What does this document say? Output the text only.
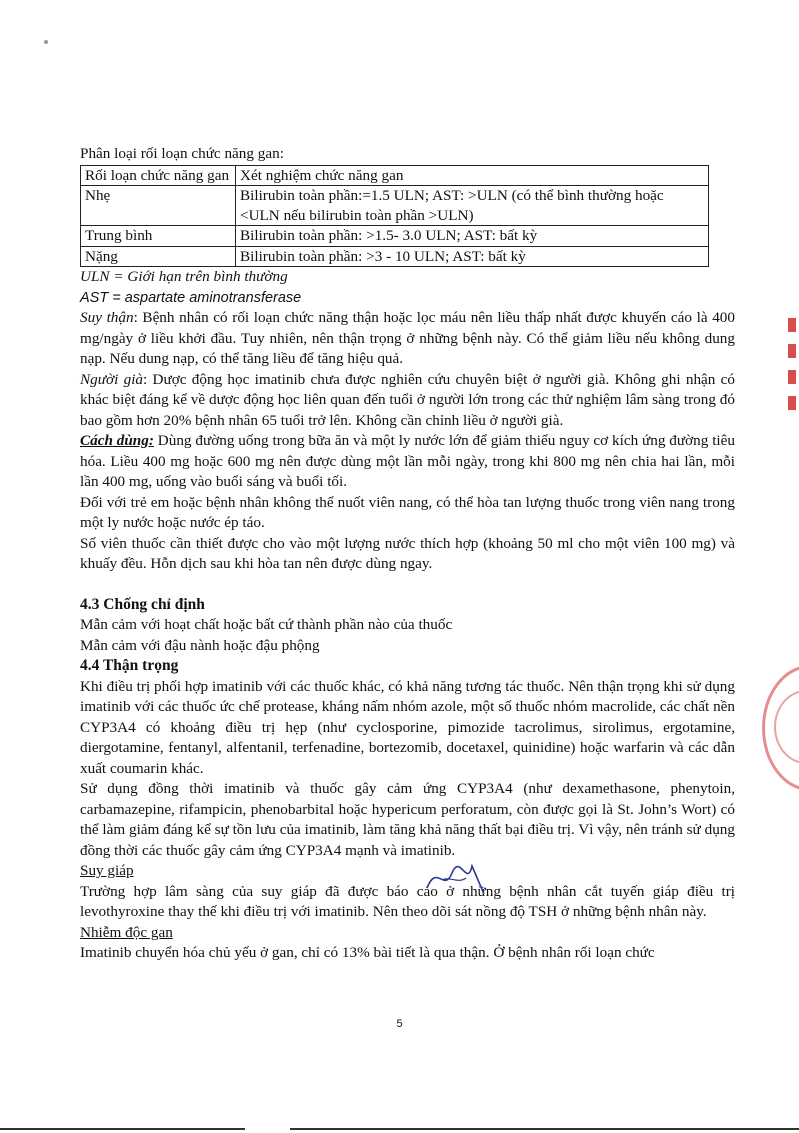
Phân loại rối loạn chức năng gan:

Rối loạn chức năng gan	Xét nghiệm chức năng gan
Nhẹ	Bilirubin toàn phần:=1.5 ULN; AST: >ULN (có thể bình thường hoặc <ULN nếu bilirubin toàn phần >ULN)
Trung bình	Bilirubin toàn phần: >1.5- 3.0 ULN; AST: bất kỳ
Nặng	Bilirubin toàn phần: >3 - 10 ULN; AST: bất kỳ

ULN = Giới hạn trên bình thường

AST = aspartate aminotransferase

Suy thận: Bệnh nhân có rối loạn chức năng thận hoặc lọc máu nên liều thấp nhất được khuyến cáo là 400 mg/ngày ở liều khởi đầu. Tuy nhiên, nên thận trọng ở những bệnh này. Có thể giảm liều nếu không dung nạp. Nếu dung nạp, có thể tăng liều để tăng hiệu quả.

Người già: Dược động học imatinib chưa được nghiên cứu chuyên biệt ở người già. Không ghi nhận có khác biệt đáng kể về dược động học liên quan đến tuổi ở người lớn trong các thử nghiệm lâm sàng trong đó bao gồm hơn 20% bệnh nhân 65 tuổi trở lên. Không cần chỉnh liều ở người già.

Cách dùng: Dùng đường uống trong bữa ăn và một ly nước lớn để giảm thiểu nguy cơ kích ứng đường tiêu hóa. Liều 400 mg hoặc 600 mg nên được dùng một lần mỗi ngày, trong khi 800 mg nên chia hai lần, mỗi lần 400 mg, uống vào buổi sáng và buổi tối.

Đối với trẻ em hoặc bệnh nhân không thể nuốt viên nang, có thể hòa tan lượng thuốc trong viên nang trong một ly nước hoặc nước ép táo.

Số viên thuốc cần thiết được cho vào một lượng nước thích hợp (khoảng 50 ml cho một viên 100 mg) và khuấy đều. Hỗn dịch sau khi hòa tan nên được dùng ngay.

4.3 Chống chỉ định

Mẫn cảm với hoạt chất hoặc bất cứ thành phần nào của thuốc

Mẫn cảm với đậu nành hoặc đậu phộng

4.4 Thận trọng

Khi điều trị phối hợp imatinib với các thuốc khác, có khả năng tương tác thuốc. Nên thận trọng khi sử dụng imatinib với các thuốc ức chế protease, kháng nấm nhóm azole, một số thuốc nhóm macrolide, các chất nền CYP3A4 có khoảng điều trị hẹp (như cyclosporine, pimozide tacrolimus, sirolimus, ergotamine, diergotamine, fentanyl, alfentanil, terfenadine, bortezomib, docetaxel, quinidine) hoặc warfarin và các dẫn xuất coumarin khác.

Sử dụng đồng thời imatinib và thuốc gây cảm ứng CYP3A4 (như dexamethasone, phenytoin, carbamazepine, rifampicin, phenobarbital hoặc hypericum perforatum, còn được gọi là St. John’s Wort) có thể làm giảm đáng kể sự tồn lưu của imatinib, làm tăng khả năng thất bại điều trị. Vì vậy, nên tránh sử dụng đồng thời các thuốc gây cảm ứng CYP3A4 mạnh và imatinib.

Suy giáp

Trường hợp lâm sàng của suy giáp đã được báo cáo ở những bệnh nhân cắt tuyến giáp điều trị levothyroxine thay thế khi điều trị với imatinib. Nên theo dõi sát nồng độ TSH ở những bệnh nhân này.

Nhiễm độc gan

Imatinib chuyển hóa chủ yếu ở gan, chỉ có 13% bài tiết là qua thận. Ở bệnh nhân rối loạn chức

5
